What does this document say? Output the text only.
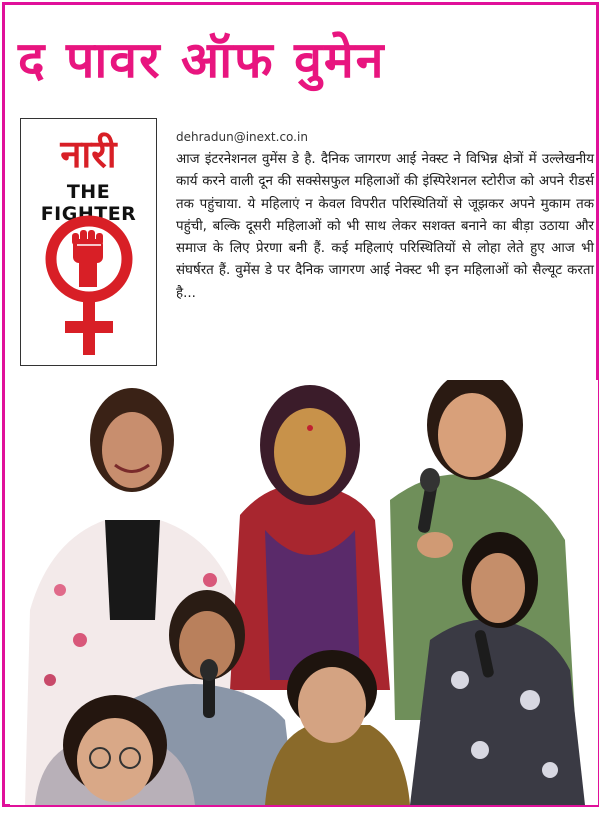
द पावर ऑफ वुमेन
नारी
THE FIGHTER
dehradun@inext.co.in
आज इंटरनेशनल वुमेंस डे है. दैनिक जागरण आई नेक्स्ट ने विभिन्न क्षेत्रों में उल्लेखनीय कार्य करने वाली दून की सक्सेसफुल महिलाओं की इंस्पिरेशनल स्टोरीज को अपने रीडर्स तक पहुंचाया. ये महिलाएं न केवल विपरीत परिस्थितियों से जूझकर अपने मुकाम तक पहुंची, बल्कि दूसरी महिलाओं को भी साथ लेकर सशक्त बनाने का बीड़ा उठाया और समाज के लिए प्रेरणा बनी हैं. कई महिलाएं परिस्थितियों से लोहा लेते हुए आज भी संघर्षरत हैं. वुमेंस डे पर दैनिक जागरण आई नेक्स्ट भी इन महिलाओं को सैल्यूट करता है...
